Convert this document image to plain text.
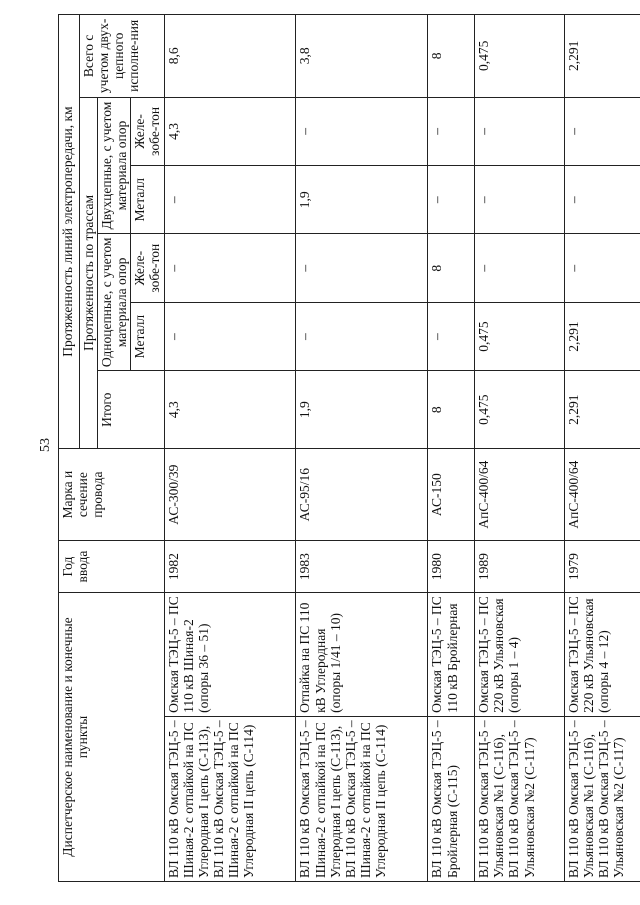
53
Диспетчерское наименование и конечные пункты		Год ввода	Марка и сечение провода	Протяженность линий электропередачи, км					
				Протяженность по трассам					Всего с учетом двух-цепного исполне-ния
				Итого	Одноцепные, с учетом материала опор		Двухцепные, с учетом материала опор		
					Металл	Желе-зобе-тон	Металл	Желе-зобе-тон	
ВЛ 110 кВ Омская ТЭЦ-5 – Шиная-2 с отпайкой на ПС Углеродная I цепь (С-113), ВЛ 110 кВ Омская ТЭЦ-5 – Шиная-2 с отпайкой на ПС Углеродная II цепь (С-114)	Омская ТЭЦ-5 – ПС 110 кВ Шиная-2 (опоры 36 – 51)	1982	АС-300/39	4,3	–	–	–	4,3	8,6
ВЛ 110 кВ Омская ТЭЦ-5 – Шиная-2 с отпайкой на ПС Углеродная I цепь (С-113), ВЛ 110 кВ Омская ТЭЦ-5 – Шиная-2 с отпайкой на ПС Углеродная II цепь (С-114)	Отпайка на ПС 110 кВ Углеродная (опоры 1/41 – 10)	1983	АС-95/16	1,9	–	–	1,9	–	3,8
ВЛ 110 кВ Омская ТЭЦ-5 – Бройлерная (С-115)	Омская ТЭЦ-5 – ПС 110 кВ Бройлерная	1980	АС-150	8	–	8	–	–	8
ВЛ 110 кВ Омская ТЭЦ-5 – Ульяновская №1 (С-116), ВЛ 110 кВ Омская ТЭЦ-5 – Ульяновская №2 (С-117)	Омская ТЭЦ-5 – ПС 220 кВ Ульяновская (опоры 1 – 4)	1989	АпС-400/64	0,475	0,475	–	–	–	0,475
ВЛ 110 кВ Омская ТЭЦ-5 – Ульяновская №1 (С-116), ВЛ 110 кВ Омская ТЭЦ-5 – Ульяновская №2 (С-117)	Омская ТЭЦ-5 – ПС 220 кВ Ульяновская (опоры 4 – 12)	1979	АпС-400/64	2,291	2,291	–	–	–	2,291
